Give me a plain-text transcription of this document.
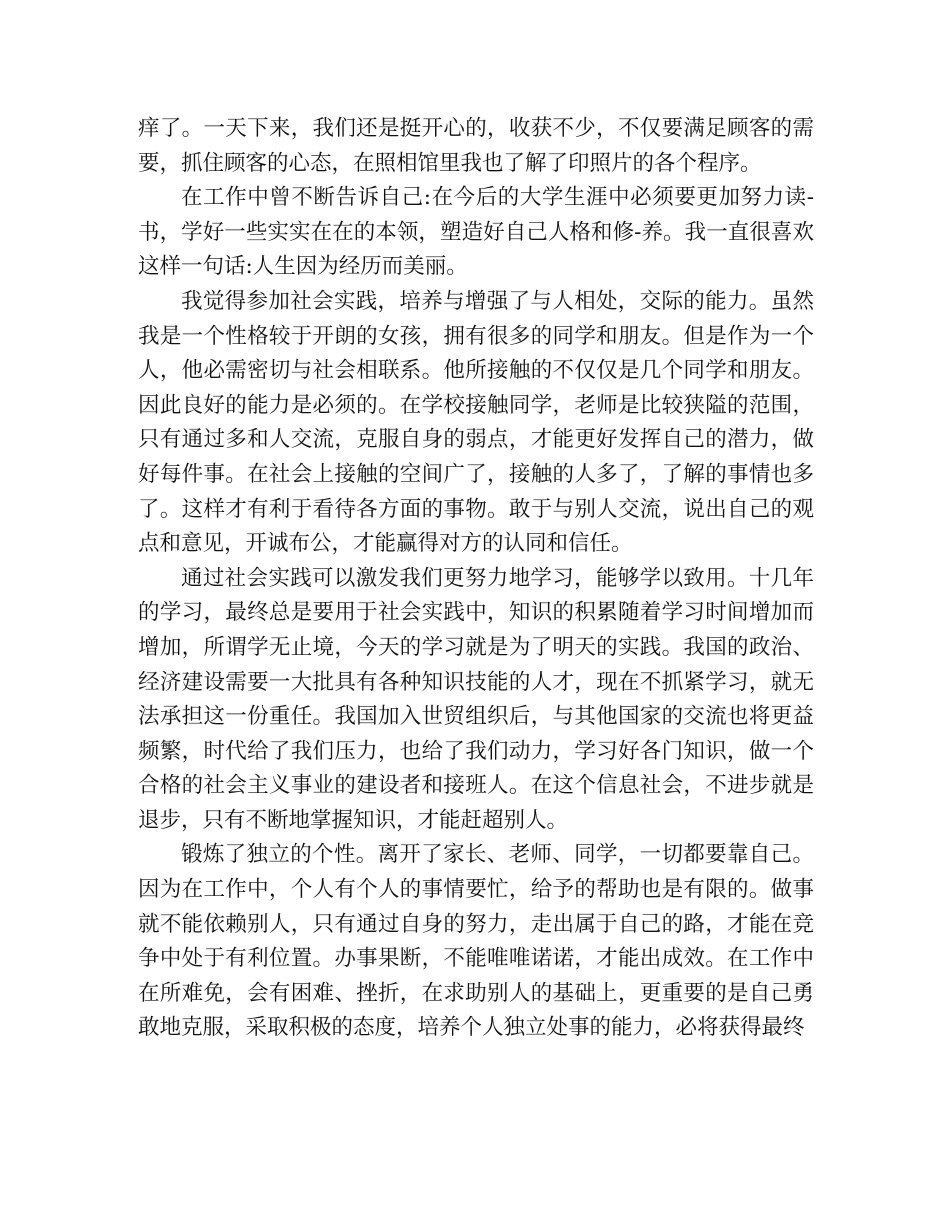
痒了。一天下来，我们还是挺开心的，收获不少，不仅要满足顾客的需要，抓住顾客的心态，在照相馆里我也了解了印照片的各个程序。

在工作中曾不断告诉自己:在今后的大学生涯中必须要更加努力读-书，学好一些实实在在的本领，塑造好自己人格和修-养。我一直很喜欢这样一句话:人生因为经历而美丽。

我觉得参加社会实践，培养与增强了与人相处，交际的能力。虽然我是一个性格较于开朗的女孩，拥有很多的同学和朋友。但是作为一个人，他必需密切与社会相联系。他所接触的不仅仅是几个同学和朋友。因此良好的能力是必须的。在学校接触同学，老师是比较狭隘的范围，只有通过多和人交流，克服自身的弱点，才能更好发挥自己的潜力，做好每件事。在社会上接触的空间广了，接触的人多了，了解的事情也多了。这样才有利于看待各方面的事物。敢于与别人交流，说出自己的观点和意见，开诚布公，才能赢得对方的认同和信任。

通过社会实践可以激发我们更努力地学习，能够学以致用。十几年的学习，最终总是要用于社会实践中，知识的积累随着学习时间增加而增加，所谓学无止境，今天的学习就是为了明天的实践。我国的政治、经济建设需要一大批具有各种知识技能的人才，现在不抓紧学习，就无法承担这一份重任。我国加入世贸组织后，与其他国家的交流也将更益频繁，时代给了我们压力，也给了我们动力，学习好各门知识，做一个合格的社会主义事业的建设者和接班人。在这个信息社会，不进步就是退步，只有不断地掌握知识，才能赶超别人。

锻炼了独立的个性。离开了家长、老师、同学，一切都要靠自己。因为在工作中，个人有个人的事情要忙，给予的帮助也是有限的。做事就不能依赖别人，只有通过自身的努力，走出属于自己的路，才能在竞争中处于有利位置。办事果断，不能唯唯诺诺，才能出成效。在工作中在所难免，会有困难、挫折，在求助别人的基础上，更重要的是自己勇敢地克服，采取积极的态度，培养个人独立处事的能力，必将获得最终
